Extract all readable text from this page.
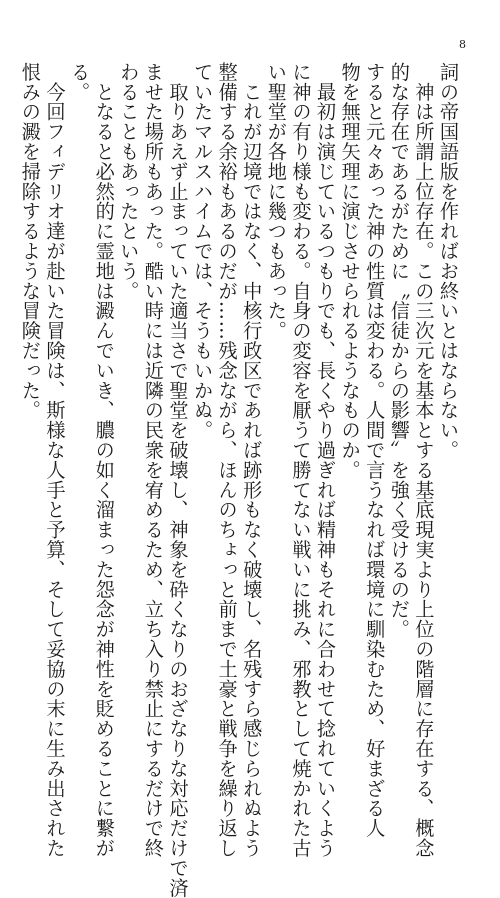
8

詞の帝国語版を作ればお終いとはならない。

　神は所謂上位存在。この三次元を基本とする基底現実より上位の階層に存在する、概念

的な存在であるがために〝信徒からの影響〟を強く受けるのだ。

すると元々あった神の性質は変わる。人間で言うなれば環境に馴染むため、好まざる人

物を無理矢理に演じさせられるようなものか。

　最初は演じているつもりでも、長くやり過ぎれば精神もそれに合わせて捻れていくよう

に神の有り様も変わる。自身の変容を厭うて勝てない戦いに挑み、邪教として焼かれた古

い聖堂が各地に幾つもあった。

　これが辺境ではなく、中核行政区であれば跡形もなく破壊し、名残すら感じられぬよう

整備する余裕もあるのだが……残念ながら、ほんのちょっと前まで土豪と戦争を繰り返し

ていたマルスハイムでは、そうもいかぬ。

　取りあえず止まっていた適当さで聖堂を破壊し、神象を砕くなりのおざなりな対応だけで済

ませた場所もあった。酷い時には近隣の民衆を宥めるため、立ち入り禁止にするだけで終

わることもあったという。

　となると必然的に霊地は澱んでいき、膿の如く溜まった怨念が神性を貶めることに繋が

る。

　今回フィデリオ達が赴いた冒険は、斯様な人手と予算、そして妥協の末に生み出された

恨みの澱を掃除するような冒険だった。
